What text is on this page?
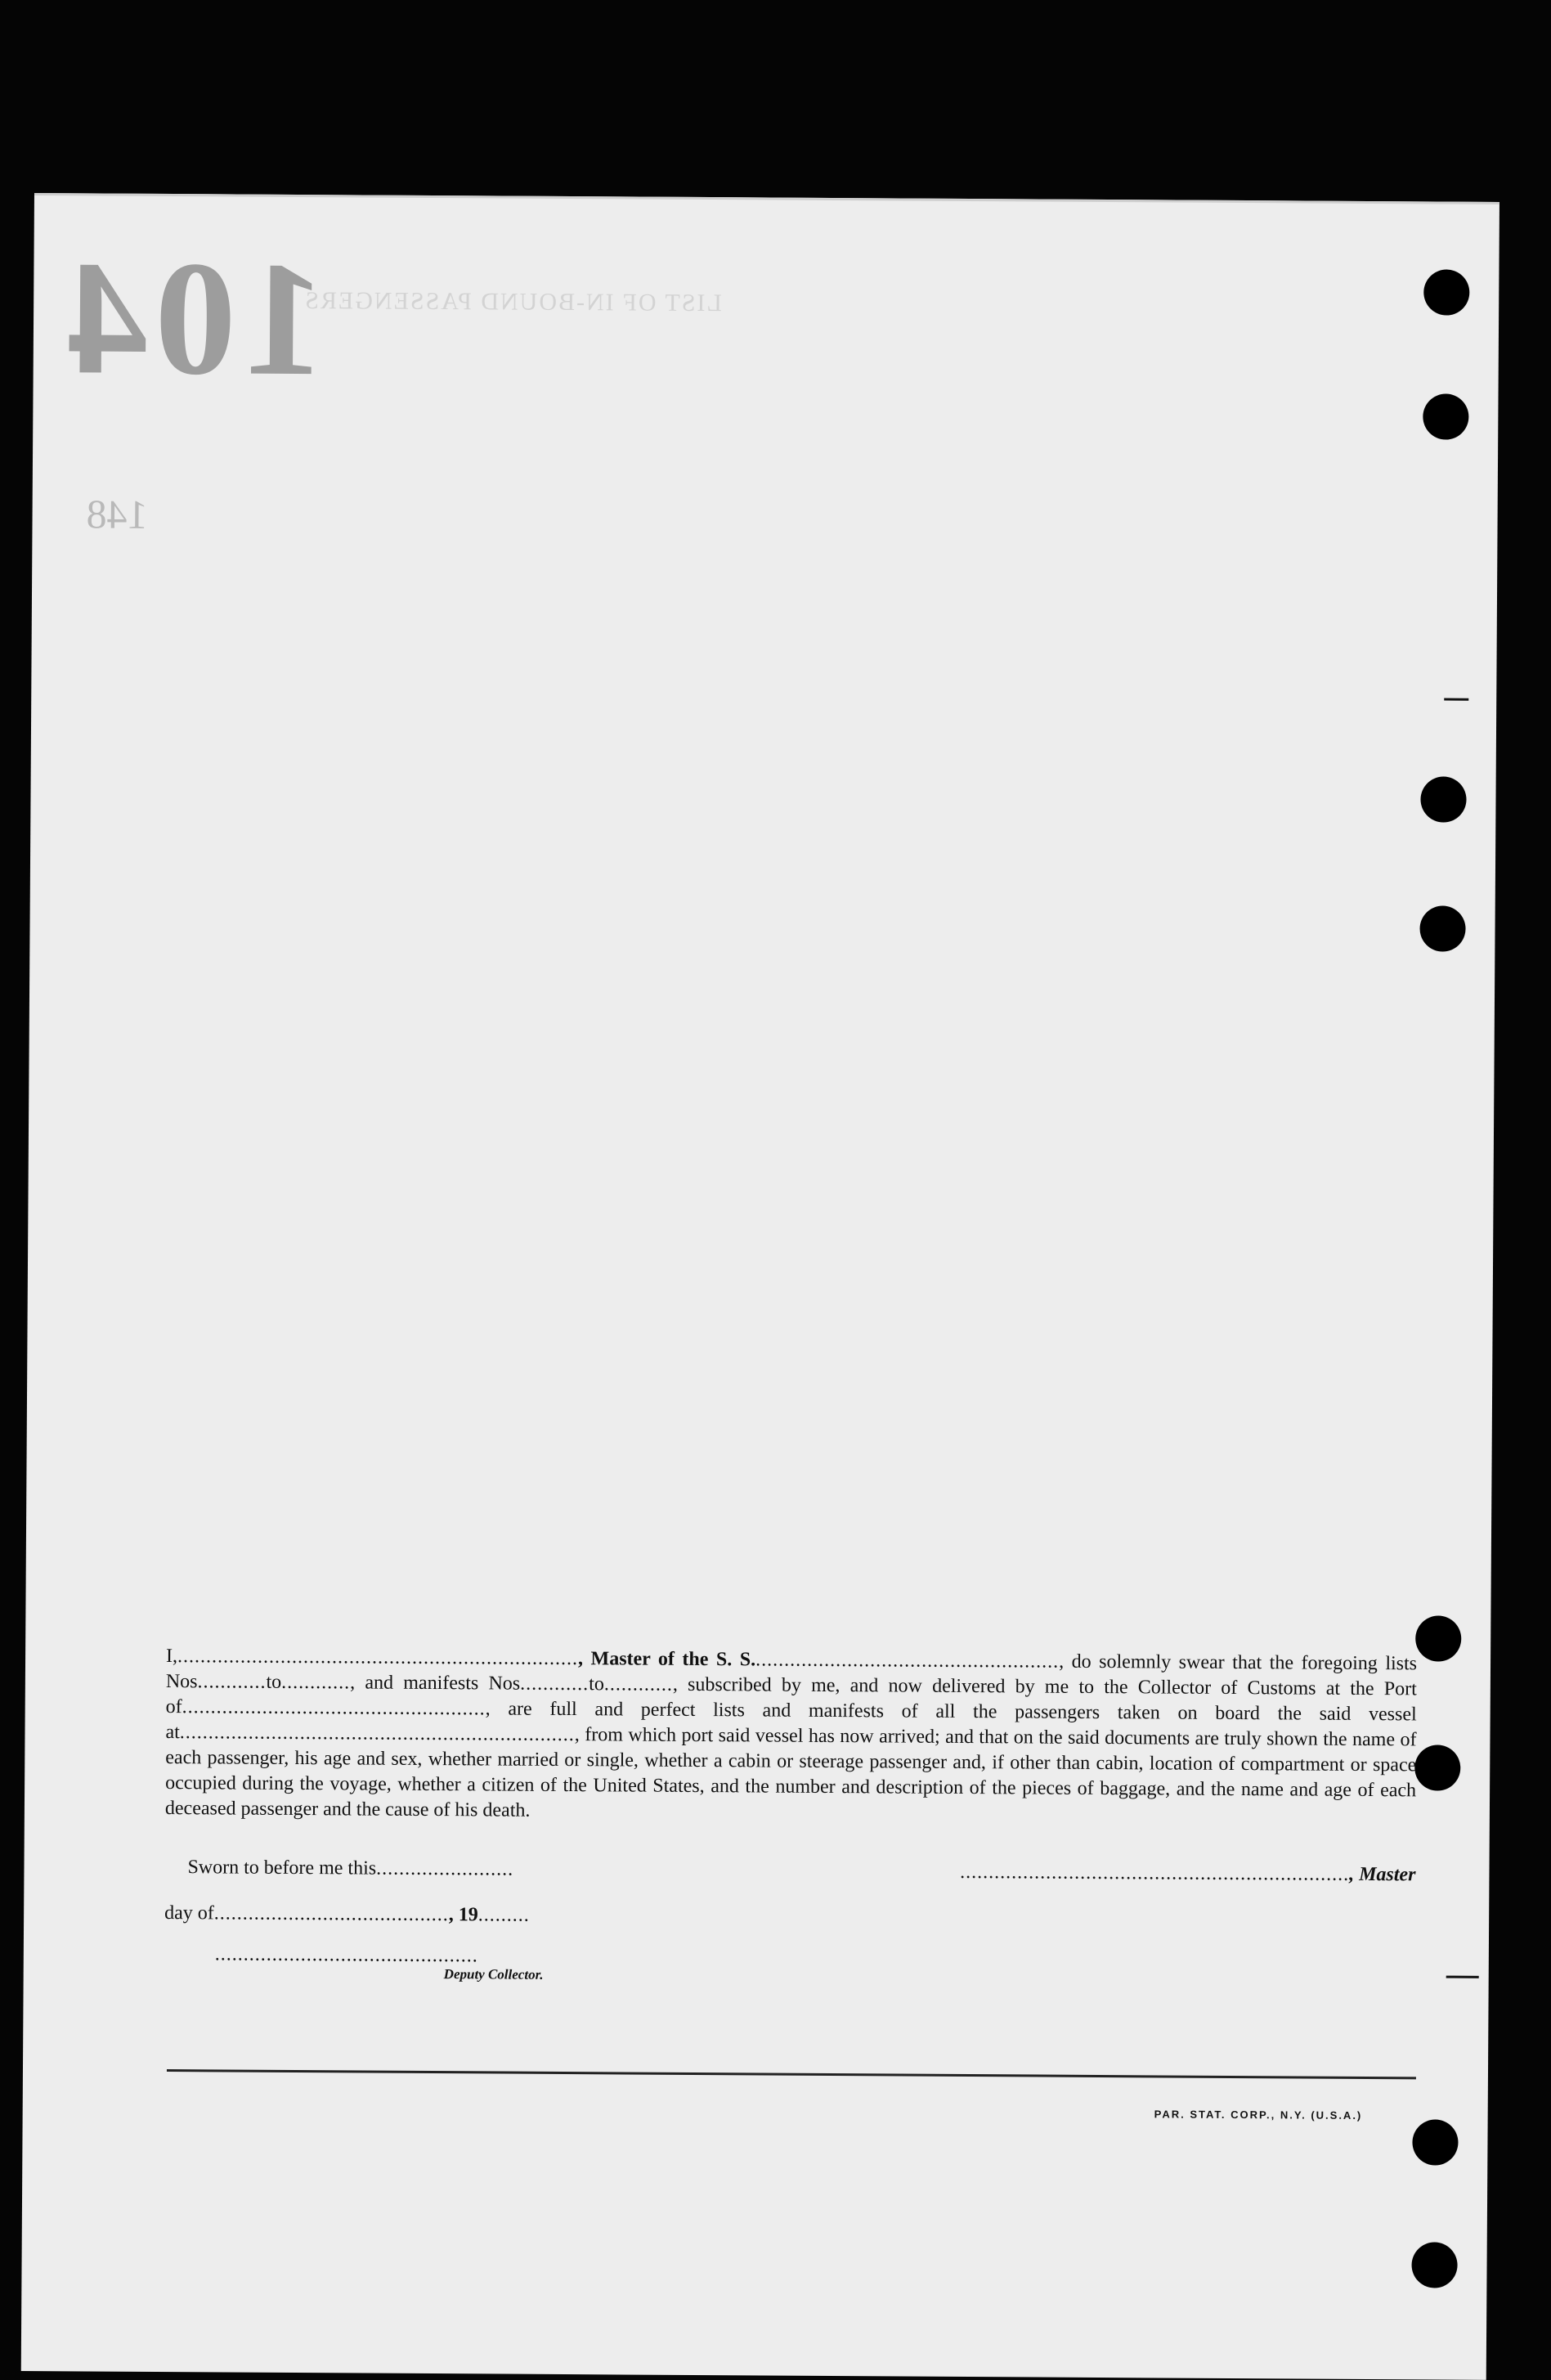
104
148
LIST OF IN-BOUND PASSENGERS
I,......................................................................, Master of the S. S......................................................, do solemnly swear that the foregoing lists Nos............to............, and manifests Nos............to............, subscribed by me, and now delivered by me to the Collector of Customs at the Port of....................................................., are full and perfect lists and manifests of all the passengers taken on board the said vessel at....................................................................., from which port said vessel has now arrived; and that on the said documents are truly shown the name of each passenger, his age and sex, whether married or single, whether a cabin or steerage passenger and, if other than cabin, location of compartment or space occupied during the voyage, whether a citizen of the United States, and the number and description of the pieces of baggage, and the name and age of each deceased passenger and the cause of his death.
Sworn to before me this........................	...................................................................., Master
day of........................................., 19.........
..............................................
Deputy Collector.
PAR. STAT. CORP., N.Y. (U.S.A.)
